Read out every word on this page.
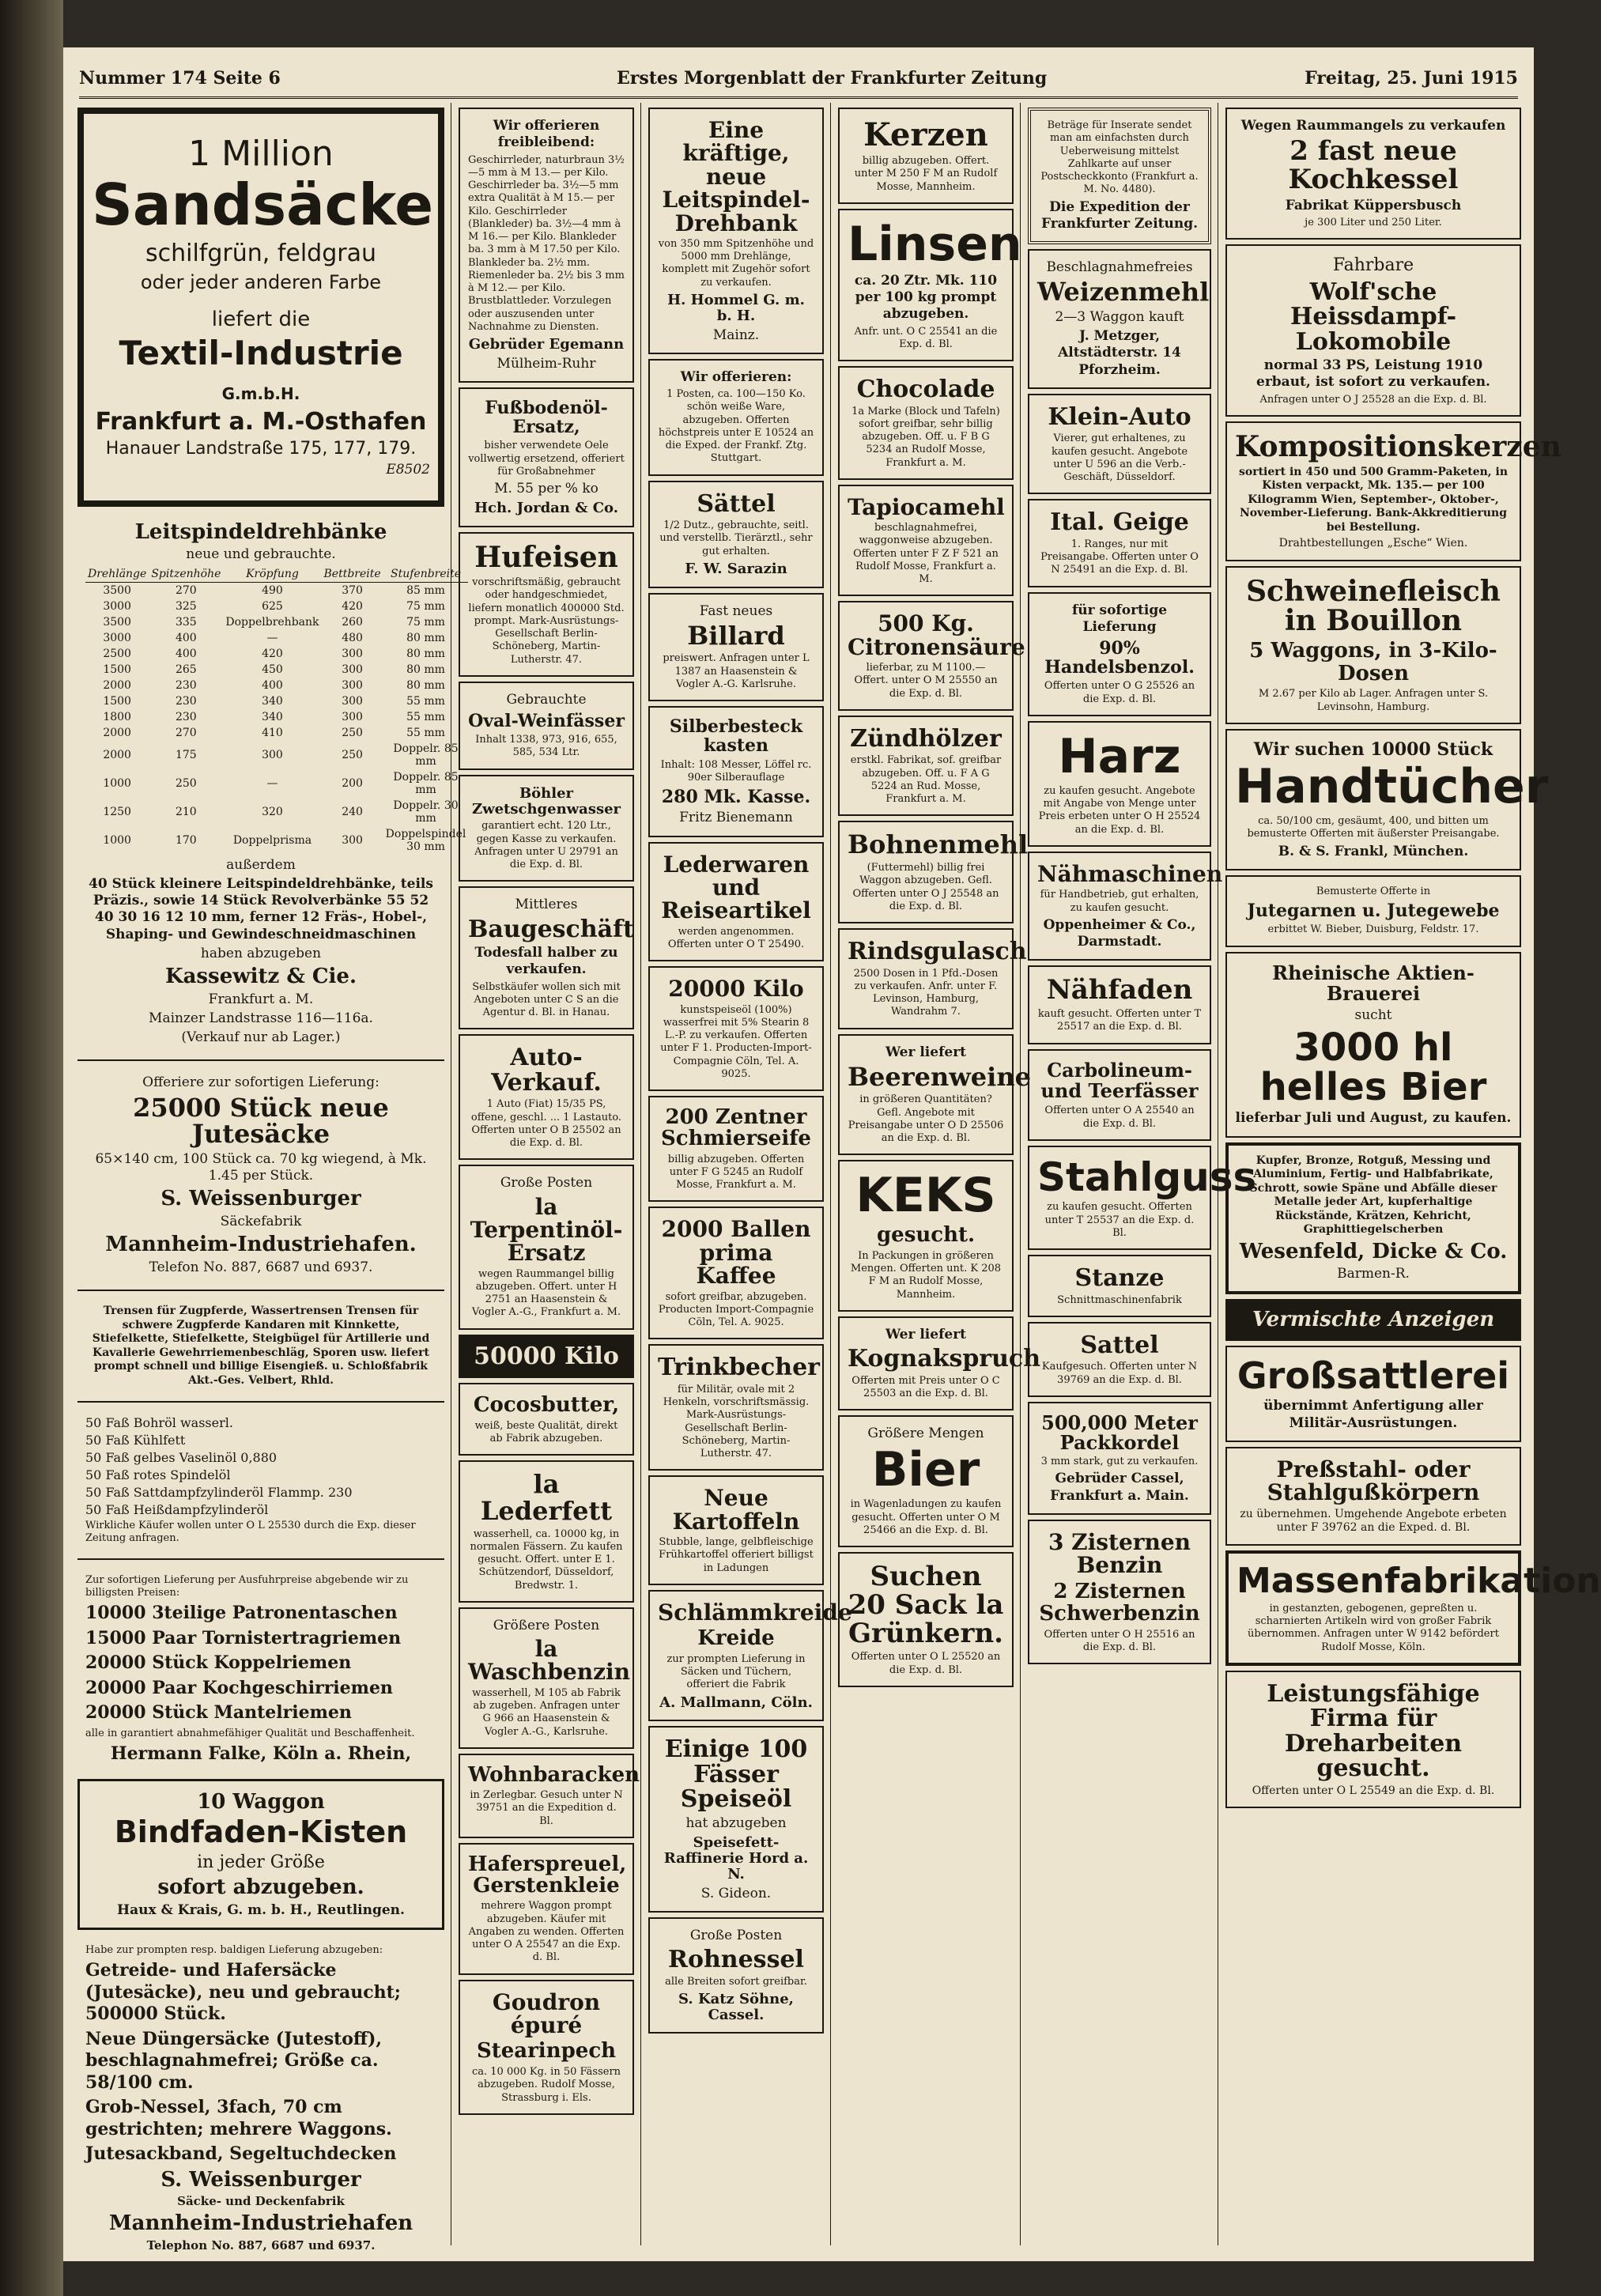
Nummer 174 Seite 6	Erstes Morgenblatt der Frankfurter Zeitung	Freitag, 25. Juni 1915
1 Million
Sandsäcke

schilfgrün, feldgrau

oder jeder anderen Farbe

liefert die

Textil-Industrie G.m.b.H.
Frankfurt a. M.-Osthafen

Hanauer Landstraße 175, 177, 179.

E8502

Leitspindeldrehbänke

neue und gebrauchte.

Drehlänge	Spitzenhöhe	Kröpfung	Bettbreite	Stufenbreite
3500	270	490	370	85 mm
3000	325	625	420	75 mm
3500	335	Doppelbrehbank	260	75 mm
3000	400	—	480	80 mm
2500	400	420	300	80 mm
1500	265	450	300	80 mm
2000	230	400	300	80 mm
1500	230	340	300	55 mm
1800	230	340	300	55 mm
2000	270	410	250	55 mm
2000	175	300	250	Doppelr. 85 mm
1000	250	—	200	Doppelr. 85 mm
1250	210	320	240	Doppelr. 30 mm
1000	170	Doppelprisma	300	Doppelspindel 30 mm

außerdem

40 Stück kleinere Leitspindeldrehbänke, teils Präzis., sowie 14 Stück Revolverbänke 55 52 40 30 16 12 10 mm, ferner 12 Fräs-, Hobel-, Shaping- und Gewindeschneidmaschinen

haben abzugeben

Kassewitz & Cie.

Frankfurt a. M.

Mainzer Landstrasse 116—116a.

(Verkauf nur ab Lager.)

Offeriere zur sofortigen Lieferung:

25000 Stück neue Jutesäcke

65×140 cm, 100 Stück ca. 70 kg wiegend, à Mk. 1.45 per Stück.

S. Weissenburger

Säckefabrik

Mannheim-Industriehafen.

Telefon No. 887, 6687 und 6937.

Trensen für Zugpferde, Wassertrensen Trensen für schwere Zugpferde Kandaren mit Kinnkette, Stiefelkette, Stiefelkette, Steigbügel für Artillerie und Kavallerie Gewehrriemenbeschläg, Sporen usw. liefert prompt schnell und billige Eisengieß. u. Schloßfabrik Akt.-Ges. Velbert, Rhld.

50 Faß Bohröl wasserl.

50 Faß Kühlfett

50 Faß gelbes Vaselinöl 0,880

50 Faß rotes Spindelöl

50 Faß Sattdampfzylinderöl Flammp. 230

50 Faß Heißdampfzylinderöl

Wirkliche Käufer wollen unter O L 25530 durch die Exp. dieser Zeitung anfragen.

Zur sofortigen Lieferung per Ausfuhrpreise abgebende wir zu billigsten Preisen:

10000 3teilige Patronentaschen

15000 Paar Tornistertragriemen

20000 Stück Koppelriemen

20000 Paar Kochgeschirriemen

20000 Stück Mantelriemen

alle in garantiert abnahmefähiger Qualität und Beschaffenheit.

Hermann Falke, Köln a. Rhein,

10 Waggon
Bindfaden-Kisten

in jeder Größe

sofort abzugeben.

Haux & Krais, G. m. b. H., Reutlingen.

Habe zur prompten resp. baldigen Lieferung abzugeben:

Getreide- und Hafersäcke (Jutesäcke), neu und gebraucht; 500000 Stück.

Neue Düngersäcke (Jutestoff), beschlagnahmefrei; Größe ca. 58/100 cm.

Grob-Nessel, 3fach, 70 cm gestrichten; mehrere Waggons.

Jutesackband, Segeltuchdecken

S. Weissenburger

Säcke- und Deckenfabrik

Mannheim-Industriehafen

Telephon No. 887, 6687 und 6937.

Wir offerieren freibleibend:

Geschirrleder, naturbraun 3½—5 mm à M 13.— per Kilo. Geschirrleder ba. 3½—5 mm extra Qualität à M 15.— per Kilo. Geschirrleder (Blankleder) ba. 3½—4 mm à M 16.— per Kilo. Blankleder ba. 3 mm à M 17.50 per Kilo. Blankleder ba. 2½ mm. Riemenleder ba. 2½ bis 3 mm à M 12.— per Kilo. Brustblattleder. Vorzulegen oder auszusenden unter Nachnahme zu Diensten.

Gebrüder Egemann

Mülheim-Ruhr

Fußbodenöl-Ersatz,

bisher verwendete Oele vollwertig ersetzend, offeriert für Großabnehmer

M. 55 per % ko

Hch. Jordan & Co.
Hufeisen

vorschriftsmäßig, gebraucht oder handgeschmiedet, liefern monatlich 400000 Std. prompt. Mark-Ausrüstungs-Gesellschaft Berlin-Schöneberg, Martin-Lutherstr. 47.

Gebrauchte

Oval-Weinfässer

Inhalt 1338, 973, 916, 655, 585, 534 Ltr.

Böhler Zwetschgenwasser

garantiert echt. 120 Ltr., gegen Kasse zu verkaufen. Anfragen unter U 29791 an die Exp. d. Bl.

Mittleres

Baugeschäft

Todesfall halber zu verkaufen.

Selbstkäufer wollen sich mit Angeboten unter C S an die Agentur d. Bl. in Hanau.

Auto-Verkauf.

1 Auto (Fiat) 15/35 PS, offene, geschl. ... 1 Lastauto. Offerten unter O B 25502 an die Exp. d. Bl.

Große Posten

la Terpentinöl-Ersatz

wegen Raummangel billig abzugeben. Offert. unter H 2751 an Haasenstein & Vogler A.-G., Frankfurt a. M.

50000 Kilo
Cocosbutter,

weiß, beste Qualität, direkt ab Fabrik abzugeben.

la Lederfett

wasserhell, ca. 10000 kg, in normalen Fässern. Zu kaufen gesucht. Offert. unter E 1. Schützendorf, Düsseldorf, Bredwstr. 1.

Größere Posten

la Waschbenzin

wasserhell, M 105 ab Fabrik ab zugeben. Anfragen unter G 966 an Haasenstein & Vogler A.-G., Karlsruhe.

Wohnbaracken

in Zerlegbar. Gesuch unter N 39751 an die Expedition d. Bl.

Haferspreuel, Gerstenkleie

mehrere Waggon prompt abzugeben. Käufer mit Angaben zu wenden. Offerten unter O A 25547 an die Exp. d. Bl.

Goudron épuré
Stearinpech

ca. 10 000 Kg. in 50 Fässern abzugeben. Rudolf Mosse, Strassburg i. Els.

Eine kräftige, neue Leitspindel-Drehbank

von 350 mm Spitzenhöhe und 5000 mm Drehlänge, komplett mit Zugehör sofort zu verkaufen.

H. Hommel G. m. b. H.

Mainz.

Wir offerieren:

1 Posten, ca. 100—150 Ko. schön weiße Ware, abzugeben. Offerten höchstpreis unter E 10524 an die Exped. der Frankf. Ztg. Stuttgart.

Sättel

1/2 Dutz., gebrauchte, seitl. und verstellb. Tierärztl., sehr gut erhalten.

F. W. Sarazin

Fast neues

Billard

preiswert. Anfragen unter L 1387 an Haasenstein & Vogler A.-G. Karlsruhe.

Silberbesteck kasten

Inhalt: 108 Messer, Löffel rc. 90er Silberauflage

280 Mk. Kasse.

Fritz Bienemann

Lederwaren und Reiseartikel

werden angenommen. Offerten unter O T 25490.

20000 Kilo

kunstspeiseöl (100%) wasserfrei mit 5% Stearin 8 L.-P. zu verkaufen. Offerten unter F 1. Producten-Import-Compagnie Cöln, Tel. A. 9025.

200 Zentner Schmierseife

billig abzugeben. Offerten unter F G 5245 an Rudolf Mosse, Frankfurt a. M.

2000 Ballen prima Kaffee

sofort greifbar, abzugeben. Producten Import-Compagnie Cöln, Tel. A. 9025.

Trinkbecher

für Militär, ovale mit 2 Henkeln, vorschriftsmässig. Mark-Ausrüstungs-Gesellschaft Berlin-Schöneberg, Martin-Lutherstr. 47.

Neue Kartoffeln

Stubble, lange, gelbfleischige Frühkartoffel offeriert billigst in Ladungen

Schlämmkreide
Kreide

zur prompten Lieferung in Säcken und Tüchern, offeriert die Fabrik

A. Mallmann, Cöln.
Einige 100 Fässer Speiseöl

hat abzugeben

Speisefett-Raffinerie Hord a. N.

S. Gideon.

Große Posten

Rohnessel

alle Breiten sofort greifbar.

S. Katz Söhne, Cassel.
Kerzen

billig abzugeben. Offert. unter M 250 F M an Rudolf Mosse, Mannheim.

Linsen

ca. 20 Ztr. Mk. 110 per 100 kg prompt abzugeben.

Anfr. unt. O C 25541 an die Exp. d. Bl.

Chocolade

1a Marke (Block und Tafeln) sofort greifbar, sehr billig abzugeben. Off. u. F B G 5234 an Rudolf Mosse, Frankfurt a. M.

Tapiocamehl

beschlagnahmefrei, waggonweise abzugeben. Offerten unter F Z F 521 an Rudolf Mosse, Frankfurt a. M.

500 Kg. Citronensäure

lieferbar, zu M 1100.— Offert. unter O M 25550 an die Exp. d. Bl.

Zündhölzer

erstkl. Fabrikat, sof. greifbar abzugeben. Off. u. F A G 5224 an Rud. Mosse, Frankfurt a. M.

Bohnenmehl

(Futtermehl) billig frei Waggon abzugeben. Gefl. Offerten unter O J 25548 an die Exp. d. Bl.

Rindsgulasch

2500 Dosen in 1 Pfd.-Dosen zu verkaufen. Anfr. unter F. Levinson, Hamburg, Wandrahm 7.

Wer liefert

Beerenweine

in größeren Quantitäten? Gefl. Angebote mit Preisangabe unter O D 25506 an die Exp. d. Bl.

KEKS
gesucht.

In Packungen in größeren Mengen. Offerten unt. K 208 F M an Rudolf Mosse, Mannheim.

Wer liefert

Kognakspruch

Offerten mit Preis unter O C 25503 an die Exp. d. Bl.

Größere Mengen

Bier

in Wagenladungen zu kaufen gesucht. Offerten unter O M 25466 an die Exp. d. Bl.

Suchen 20 Sack la Grünkern.

Offerten unter O L 25520 an die Exp. d. Bl.

Beträge für Inserate sendet man am einfachsten durch Ueberweisung mittelst Zahlkarte auf unser Postscheckkonto (Frankfurt a. M. No. 4480).

Die Expedition der Frankfurter Zeitung.

Beschlagnahmefreies

Weizenmehl

2—3 Waggon kauft

J. Metzger, Altstädterstr. 14 Pforzheim.

Klein-Auto

Vierer, gut erhaltenes, zu kaufen gesucht. Angebote unter U 596 an die Verb.-Geschäft, Düsseldorf.

Ital. Geige

1. Ranges, nur mit Preisangabe. Offerten unter O N 25491 an die Exp. d. Bl.

für sofortige Lieferung

90% Handelsbenzol.

Offerten unter O G 25526 an die Exp. d. Bl.

Harz

zu kaufen gesucht. Angebote mit Angabe von Menge unter Preis erbeten unter O H 25524 an die Exp. d. Bl.

Nähmaschinen

für Handbetrieb, gut erhalten, zu kaufen gesucht.

Oppenheimer & Co., Darmstadt.

Nähfaden

kauft gesucht. Offerten unter T 25517 an die Exp. d. Bl.

Carbolineum- und Teerfässer

Offerten unter O A 25540 an die Exp. d. Bl.

Stahlguss

zu kaufen gesucht. Offerten unter T 25537 an die Exp. d. Bl.

Stanze

Schnittmaschinenfabrik

Sattel

Kaufgesuch. Offerten unter N 39769 an die Exp. d. Bl.

500,000 Meter Packkordel

3 mm stark, gut zu verkaufen.

Gebrüder Cassel, Frankfurt a. Main.

3 Zisternen Benzin
2 Zisternen Schwerbenzin

Offerten unter O H 25516 an die Exp. d. Bl.

Wegen Raummangels zu verkaufen

2 fast neue Kochkessel

Fabrikat Küppersbusch

je 300 Liter und 250 Liter.

Fahrbare

Wolf'sche Heissdampf-Lokomobile

normal 33 PS, Leistung 1910 erbaut, ist sofort zu verkaufen.

Anfragen unter O J 25528 an die Exp. d. Bl.

Kompositionskerzen

sortiert in 450 und 500 Gramm-Paketen, in Kisten verpackt, Mk. 135.— per 100 Kilogramm Wien, September-, Oktober-, November-Lieferung. Bank-Akkreditierung bei Bestellung.

Drahtbestellungen „Esche“ Wien.

Schweinefleisch in Bouillon
5 Waggons, in 3-Kilo-Dosen

M 2.67 per Kilo ab Lager. Anfragen unter S. Levinsohn, Hamburg.

Wir suchen 10000 Stück
Handtücher

ca. 50/100 cm, gesäumt, 400, und bitten um bemusterte Offerten mit äußerster Preisangabe.

B. & S. Frankl, München.

Bemusterte Offerte in

Jutegarnen u. Jutegewebe

erbittet W. Bieber, Duisburg, Feldstr. 17.

Rheinische Aktien-Brauerei

sucht

3000 hl helles Bier

lieferbar Juli und August, zu kaufen.

Kupfer, Bronze, Rotguß, Messing und Aluminium, Fertig- und Halbfabrikate, Schrott, sowie Späne und Abfälle dieser Metalle jeder Art, kupferhaltige Rückstände, Krätzen, Kehricht, Graphittiegelscherben

Wesenfeld, Dicke & Co.

Barmen-R.

Vermischte Anzeigen
Großsattlerei

übernimmt Anfertigung aller Militär-Ausrüstungen.

Preßstahl- oder Stahlgußkörpern

zu übernehmen. Umgehende Angebote erbeten unter F 39762 an die Exped. d. Bl.

Massenfabrikation

in gestanzten, gebogenen, gepreßten u. scharnierten Artikeln wird von großer Fabrik übernommen. Anfragen unter W 9142 befördert Rudolf Mosse, Köln.

Leistungsfähige Firma für Dreharbeiten gesucht.

Offerten unter O L 25549 an die Exp. d. Bl.
